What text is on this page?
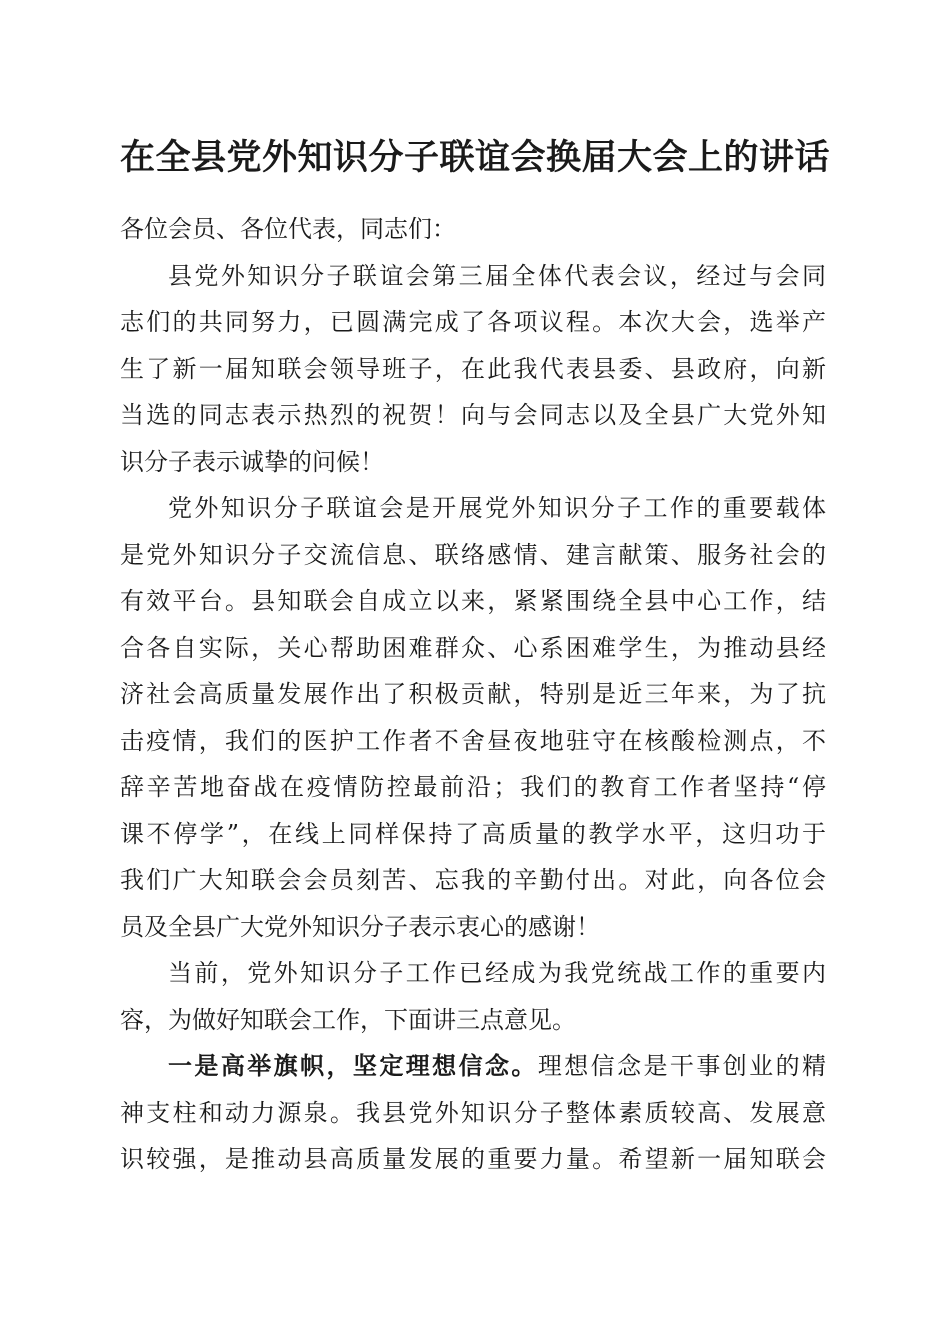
在全县党外知识分子联谊会换届大会上的讲话
各位会员、各位代表，同志们：
县党外知识分子联谊会第三届全体代表会议，经过与会同
志们的共同努力，已圆满完成了各项议程。本次大会，选举产
生了新一届知联会领导班子，在此我代表县委、县政府，向新
当选的同志表示热烈的祝贺！向与会同志以及全县广大党外知
识分子表示诚挚的问候！
党外知识分子联谊会是开展党外知识分子工作的重要载体
是党外知识分子交流信息、联络感情、建言献策、服务社会的
有效平台。县知联会自成立以来，紧紧围绕全县中心工作，结
合各自实际，关心帮助困难群众、心系困难学生，为推动县经
济社会高质量发展作出了积极贡献，特别是近三年来，为了抗
击疫情，我们的医护工作者不舍昼夜地驻守在核酸检测点，不
辞辛苦地奋战在疫情防控最前沿；我们的教育工作者坚持“停
课不停学”，在线上同样保持了高质量的教学水平，这归功于
我们广大知联会会员刻苦、忘我的辛勤付出。对此，向各位会
员及全县广大党外知识分子表示衷心的感谢！
当前，党外知识分子工作已经成为我党统战工作的重要内
容，为做好知联会工作，下面讲三点意见。
一是高举旗帜，坚定理想信念。理想信念是干事创业的精
神支柱和动力源泉。我县党外知识分子整体素质较高、发展意
识较强，是推动县高质量发展的重要力量。希望新一届知联会
